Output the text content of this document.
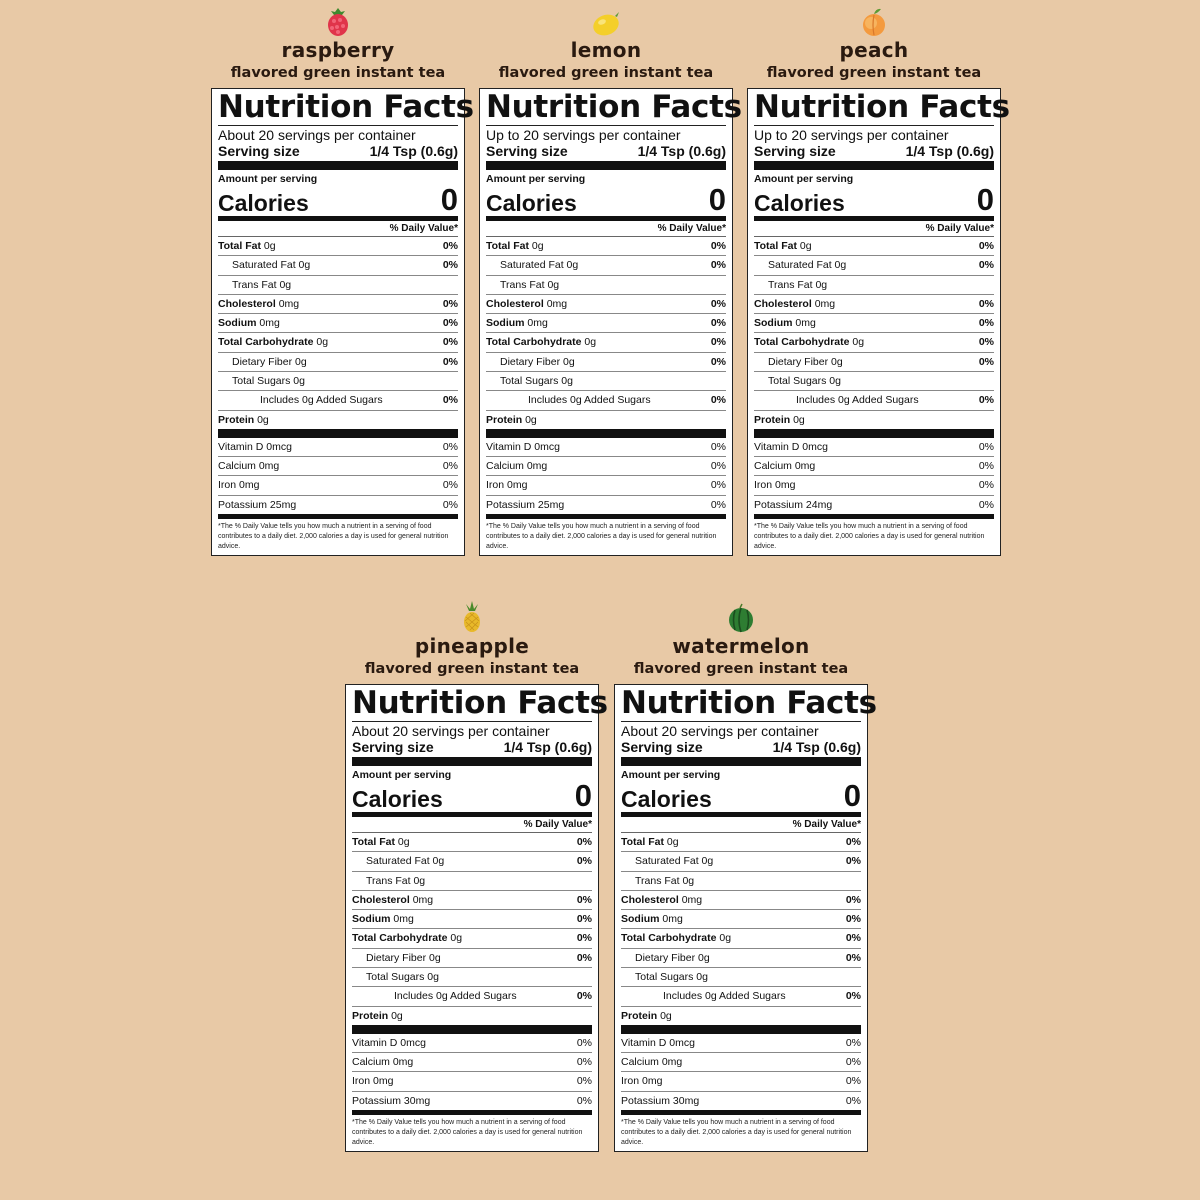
raspberry
flavored green instant tea
Nutrition Facts
About 20 servings per container
Serving size	1/4 Tsp (0.6g)
Amount per serving
Calories	0
% Daily Value*
Total Fat 0g	0%
Saturated Fat 0g	0%
Trans Fat 0g
Cholesterol 0mg	0%
Sodium 0mg	0%
Total Carbohydrate 0g	0%
Dietary Fiber 0g	0%
Total Sugars 0g
Includes 0g Added Sugars	0%
Protein 0g
Vitamin D 0mcg	0%
Calcium 0mg	0%
Iron 0mg	0%
Potassium 25mg	0%
*The % Daily Value tells you how much a nutrient in a serving of food contributes to a daily diet. 2,000 calories a day is used for general nutrition advice.
lemon
flavored green instant tea
Nutrition Facts
Up to 20 servings per container
Serving size	1/4 Tsp (0.6g)
Amount per serving
Calories	0
% Daily Value*
Total Fat 0g	0%
Saturated Fat 0g	0%
Trans Fat 0g
Cholesterol 0mg	0%
Sodium 0mg	0%
Total Carbohydrate 0g	0%
Dietary Fiber 0g	0%
Total Sugars 0g
Includes 0g Added Sugars	0%
Protein 0g
Vitamin D 0mcg	0%
Calcium 0mg	0%
Iron 0mg	0%
Potassium 25mg	0%
*The % Daily Value tells you how much a nutrient in a serving of food contributes to a daily diet. 2,000 calories a day is used for general nutrition advice.
peach
flavored green instant tea
Nutrition Facts
Up to 20 servings per container
Serving size	1/4 Tsp (0.6g)
Amount per serving
Calories	0
% Daily Value*
Total Fat 0g	0%
Saturated Fat 0g	0%
Trans Fat 0g
Cholesterol 0mg	0%
Sodium 0mg	0%
Total Carbohydrate 0g	0%
Dietary Fiber 0g	0%
Total Sugars 0g
Includes 0g Added Sugars	0%
Protein 0g
Vitamin D 0mcg	0%
Calcium 0mg	0%
Iron 0mg	0%
Potassium 24mg	0%
*The % Daily Value tells you how much a nutrient in a serving of food contributes to a daily diet. 2,000 calories a day is used for general nutrition advice.
pineapple
flavored green instant tea
Nutrition Facts
About 20 servings per container
Serving size	1/4 Tsp (0.6g)
Amount per serving
Calories	0
% Daily Value*
Total Fat 0g	0%
Saturated Fat 0g	0%
Trans Fat 0g
Cholesterol 0mg	0%
Sodium 0mg	0%
Total Carbohydrate 0g	0%
Dietary Fiber 0g	0%
Total Sugars 0g
Includes 0g Added Sugars	0%
Protein 0g
Vitamin D 0mcg	0%
Calcium 0mg	0%
Iron 0mg	0%
Potassium 30mg	0%
*The % Daily Value tells you how much a nutrient in a serving of food contributes to a daily diet. 2,000 calories a day is used for general nutrition advice.
watermelon
flavored green instant tea
Nutrition Facts
About 20 servings per container
Serving size	1/4 Tsp (0.6g)
Amount per serving
Calories	0
% Daily Value*
Total Fat 0g	0%
Saturated Fat 0g	0%
Trans Fat 0g
Cholesterol 0mg	0%
Sodium 0mg	0%
Total Carbohydrate 0g	0%
Dietary Fiber 0g	0%
Total Sugars 0g
Includes 0g Added Sugars	0%
Protein 0g
Vitamin D 0mcg	0%
Calcium 0mg	0%
Iron 0mg	0%
Potassium 30mg	0%
*The % Daily Value tells you how much a nutrient in a serving of food contributes to a daily diet. 2,000 calories a day is used for general nutrition advice.
